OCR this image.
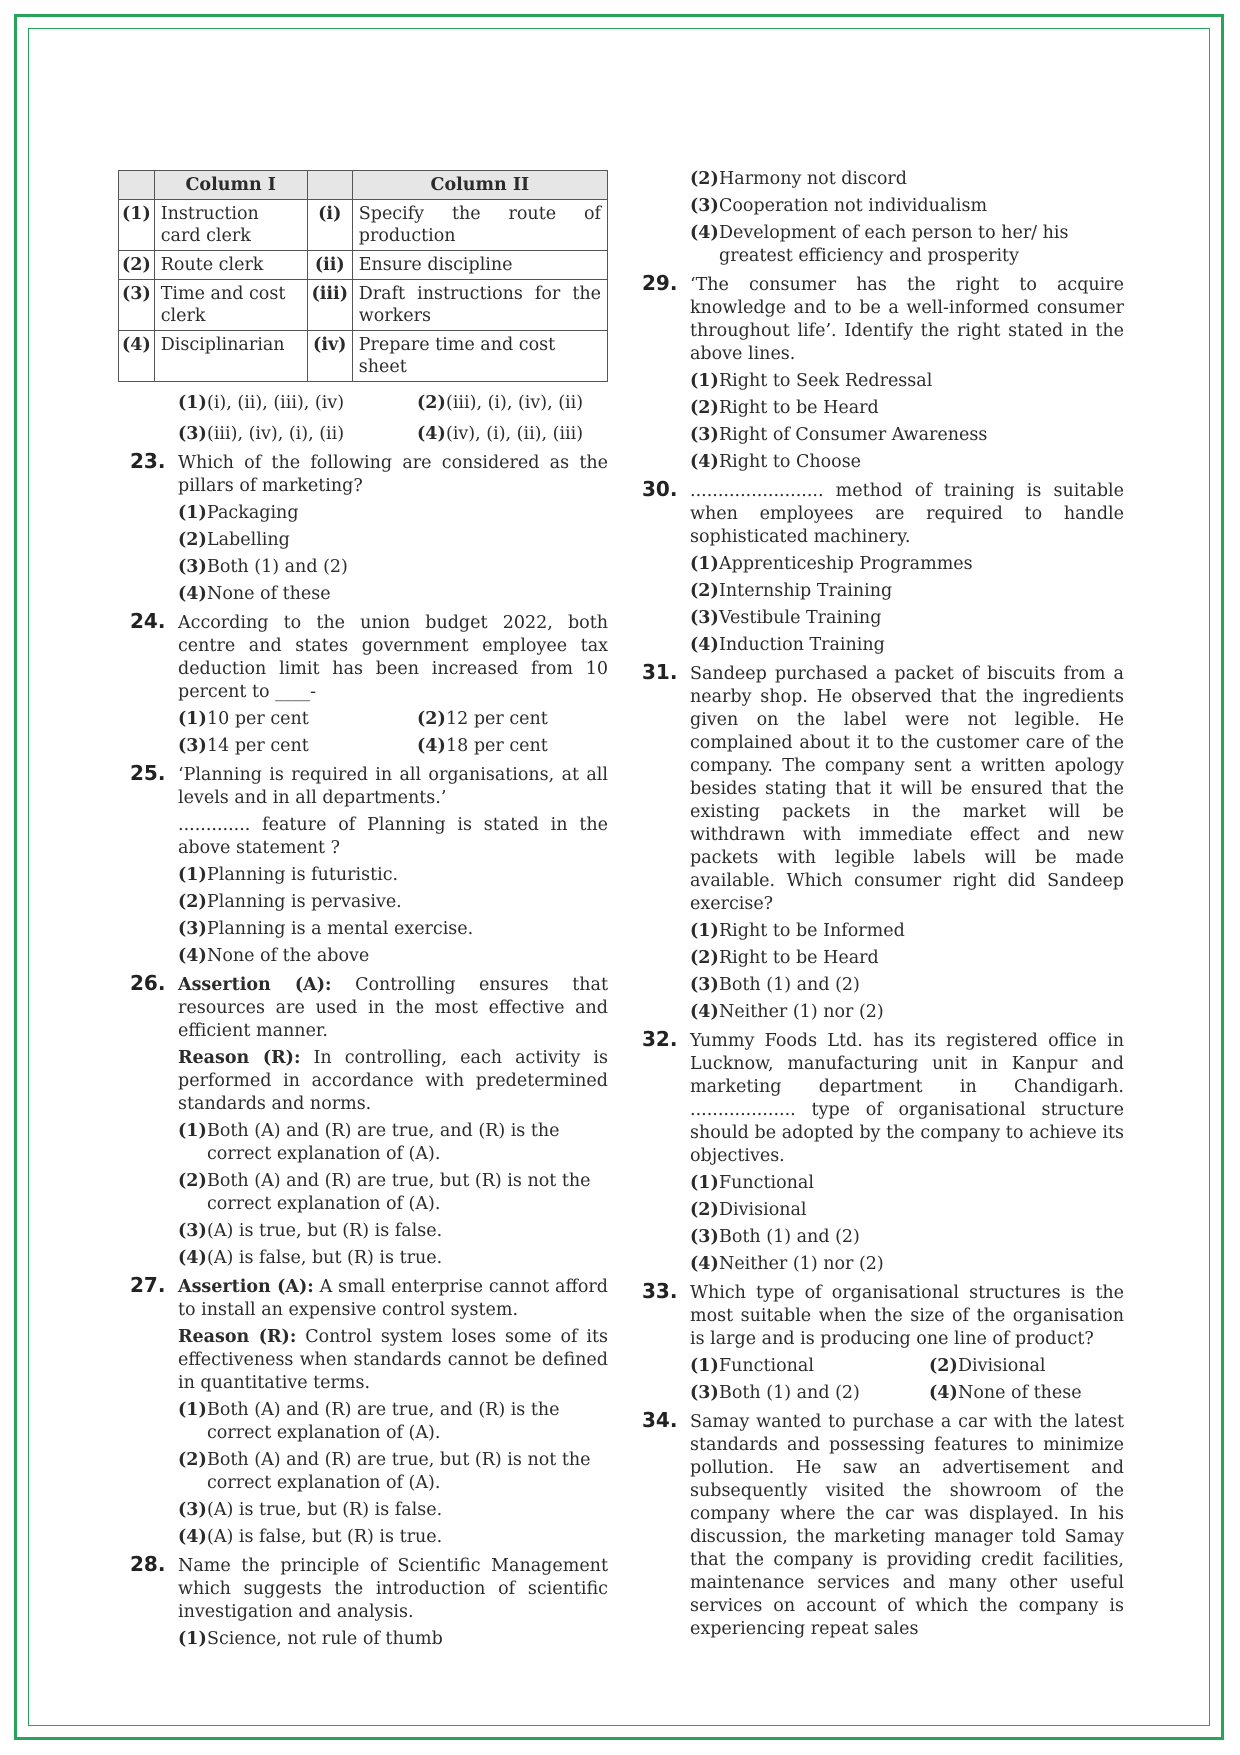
	Column I		Column II
(1)	Instruction card clerk	(i)	Specify the route of production
(2)	Route clerk	(ii)	Ensure discipline
(3)	Time and cost clerk	(iii)	Draft instructions for the workers
(4)	Disciplinarian	(iv)	Prepare time and cost sheet
(1) (i), (ii), (iii), (iv)	(2) (iii), (i), (iv), (ii)
(3) (iii), (iv), (i), (ii)	(4) (iv), (i), (ii), (iii)
23. Which of the following are considered as the pillars of marketing?
(1) Packaging
(2) Labelling
(3) Both (1) and (2)
(4) None of these
24. According to the union budget 2022, both centre and states government employee tax deduction limit has been increased from 10 percent to ____-
(1) 10 per cent	(2) 12 per cent
(3) 14 per cent	(4) 18 per cent
25. ‘Planning is required in all organisations, at all levels and in all departments.’
............. feature of Planning is stated in the above statement ?
(1) Planning is futuristic.
(2) Planning is pervasive.
(3) Planning is a mental exercise.
(4) None of the above
26. Assertion (A): Controlling ensures that resources are used in the most effective and efficient manner.
Reason (R): In controlling, each activity is performed in accordance with predetermined standards and norms.
(1) Both (A) and (R) are true, and (R) is the correct explanation of (A).
(2) Both (A) and (R) are true, but (R) is not the correct explanation of (A).
(3) (A) is true, but (R) is false.
(4) (A) is false, but (R) is true.
27. Assertion (A): A small enterprise cannot afford to install an expensive control system.
Reason (R): Control system loses some of its effectiveness when standards cannot be defined in quantitative terms.
(1) Both (A) and (R) are true, and (R) is the correct explanation of (A).
(2) Both (A) and (R) are true, but (R) is not the correct explanation of (A).
(3) (A) is true, but (R) is false.
(4) (A) is false, but (R) is true.
28. Name the principle of Scientific Management which suggests the introduction of scientific investigation and analysis.
(1) Science, not rule of thumb
(2) Harmony not discord
(3) Cooperation not individualism
(4) Development of each person to her/ his greatest efficiency and prosperity
29. ‘The consumer has the right to acquire knowledge and to be a well-informed consumer throughout life’. Identify the right stated in the above lines.
(1) Right to Seek Redressal
(2) Right to be Heard
(3) Right of Consumer Awareness
(4) Right to Choose
30. ........................ method of training is suitable when employees are required to handle sophisticated machinery.
(1) Apprenticeship Programmes
(2) Internship Training
(3) Vestibule Training
(4) Induction Training
31. Sandeep purchased a packet of biscuits from a nearby shop. He observed that the ingredients given on the label were not legible. He complained about it to the customer care of the company. The company sent a written apology besides stating that it will be ensured that the existing packets in the market will be withdrawn with immediate effect and new packets with legible labels will be made available. Which consumer right did Sandeep exercise?
(1) Right to be Informed
(2) Right to be Heard
(3) Both (1) and (2)
(4) Neither (1) nor (2)
32. Yummy Foods Ltd. has its registered office in Lucknow, manufacturing unit in Kanpur and marketing department in Chandigarh. ................... type of organisational structure should be adopted by the company to achieve its objectives.
(1) Functional
(2) Divisional
(3) Both (1) and (2)
(4) Neither (1) nor (2)
33. Which type of organisational structures is the most suitable when the size of the organisation is large and is producing one line of product?
(1) Functional	(2) Divisional
(3) Both (1) and (2)	(4) None of these
34. Samay wanted to purchase a car with the latest standards and possessing features to minimize pollution. He saw an advertisement and subsequently visited the showroom of the company where the car was displayed. In his discussion, the marketing manager told Samay that the company is providing credit facilities, maintenance services and many other useful services on account of which the company is experiencing repeat sales
